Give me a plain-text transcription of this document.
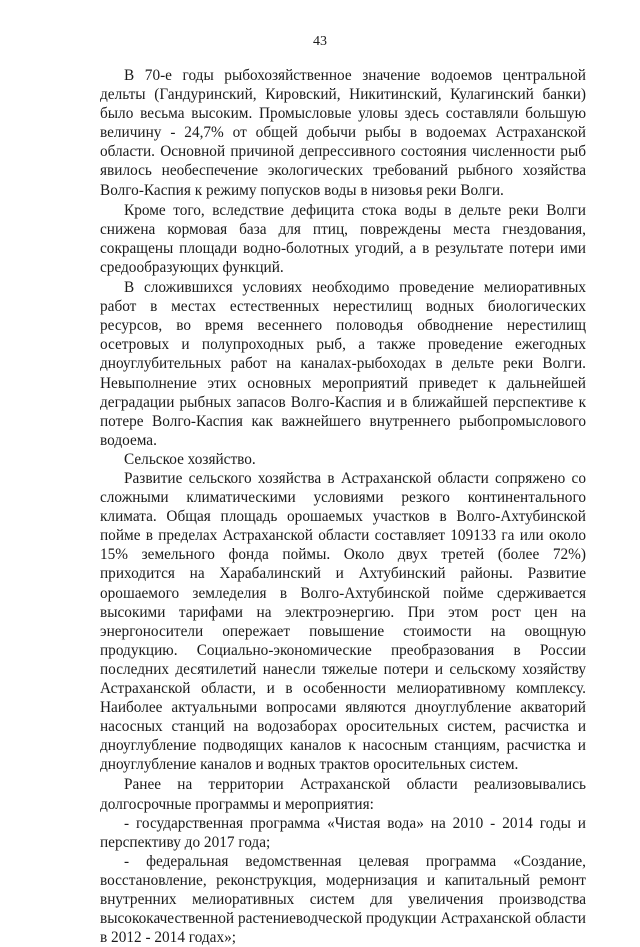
43

В 70-е годы рыбохозяйственное значение водоемов центральной дельты (Гандуринский, Кировский, Никитинский, Кулагинский банки) было весьма высоким. Промысловые уловы здесь составляли большую величину - 24,7% от общей добычи рыбы в водоемах Астраханской области. Основной причиной депрессивного состояния численности рыб явилось необеспечение экологических требований рыбного хозяйства Волго-Каспия к режиму попусков воды в низовья реки Волги.

Кроме того, вследствие дефицита стока воды в дельте реки Волги снижена кормовая база для птиц, повреждены места гнездования, сокращены площади водно-болотных угодий, а в результате потери ими средообразующих функций.

В сложившихся условиях необходимо проведение мелиоративных работ в местах естественных нерестилищ водных биологических ресурсов, во время весеннего половодья обводнение нерестилищ осетровых и полупроходных рыб, а также проведение ежегодных дноуглубительных работ на каналах-рыбоходах в дельте реки Волги. Невыполнение этих основных мероприятий приведет к дальнейшей деградации рыбных запасов Волго-Каспия и в ближайшей перспективе к потере Волго-Каспия как важнейшего внутреннего рыбопромыслового водоема.

Сельское хозяйство.

Развитие сельского хозяйства в Астраханской области сопряжено со сложными климатическими условиями резкого континентального климата. Общая площадь орошаемых участков в Волго-Ахтубинской пойме в пределах Астраханской области составляет 109133 га или около 15% земельного фонда поймы. Около двух третей (более 72%) приходится на Харабалинский и Ахтубинский районы. Развитие орошаемого земледелия в Волго-Ахтубинской пойме сдерживается высокими тарифами на электроэнергию. При этом рост цен на энергоносители опережает повышение стоимости на овощную продукцию. Социально-экономические преобразования в России последних десятилетий нанесли тяжелые потери и сельскому хозяйству Астраханской области, и в особенности мелиоративному комплексу. Наиболее актуальными вопросами являются дноуглубление акваторий насосных станций на водозаборах оросительных систем, расчистка и дноуглубление подводящих каналов к насосным станциям, расчистка и дноуглубление каналов и водных трактов оросительных систем.

Ранее на территории Астраханской области реализовывались долгосрочные программы и мероприятия:

- государственная программа «Чистая вода» на 2010 - 2014 годы и перспективу до 2017 года;

- федеральная ведомственная целевая программа «Создание, восстановление, реконструкция, модернизация и капитальный ремонт внутренних мелиоративных систем для увеличения производства высококачественной растениеводческой продукции Астраханской области в 2012 - 2014 годах»;
